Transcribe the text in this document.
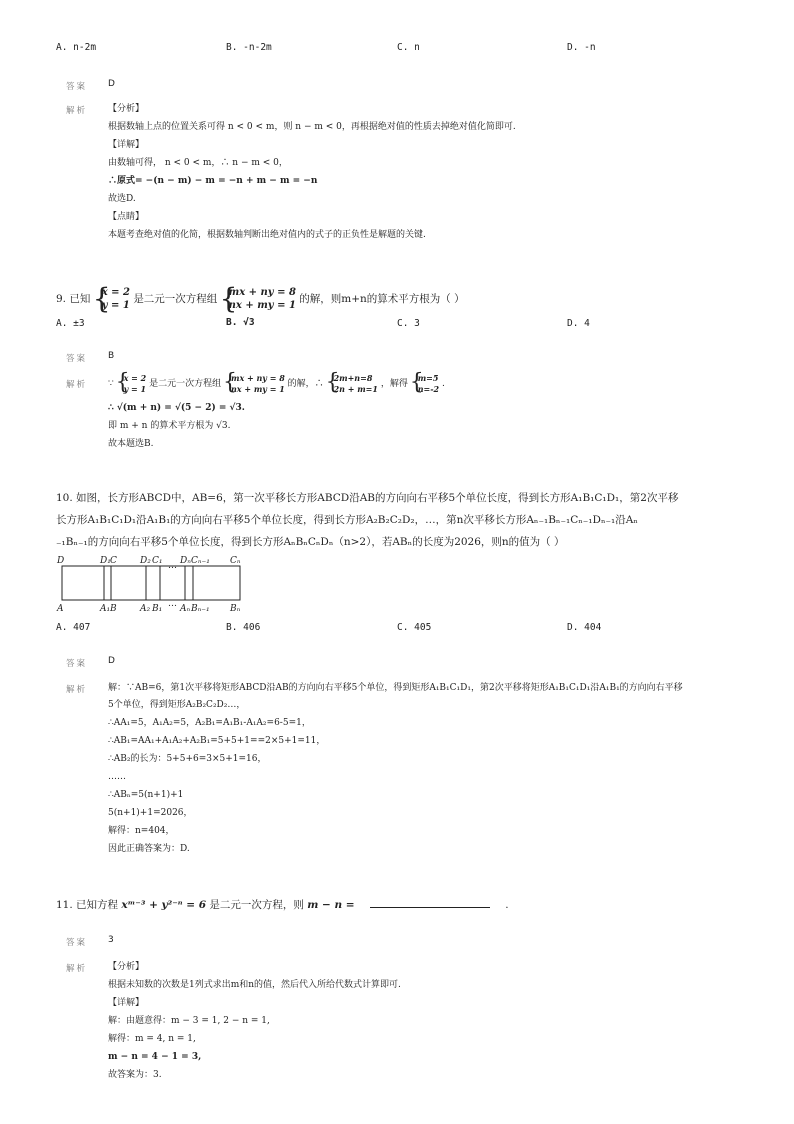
A. n-2m	B. -n-2m	C. n	D. -n
答案 D
解析 【分析】
根据数轴上点的位置关系可得 n < 0 < m，则 n − m < 0，再根据绝对值的性质去掉绝对值化简即可.
【详解】
由数轴可得， n < 0 < m，∴ n − m < 0，
∴原式= −(n − m) − m = −n + m − m = −n
故选D.
【点睛】
本题考查绝对值的化简，根据数轴判断出绝对值内的式子的正负性是解题的关键.
9. 已知
{ x = 2
y = 1
是二元一次方程组
{ mx + ny = 8
nx + my = 1
的解，则m+n的算术平方根为（ ）
A. ±3	B. √3	C. 3	D. 4
答案 B
解析 ∵
{ x = 2
y = 1 是二元一次方程组
{ mx + ny = 8
nx + my = 1 的解，∴
{ 2m+n=8
2n + m=1 ，解得
{ m=5
n=-2 .
∴ √(m + n) = √(5 − 2) = √3.
即 m + n 的算术平方根为 √3.
故本题选B.
10. 如图，长方形ABCD中，AB=6，第一次平移长方形ABCD沿AB的方向向右平移5个单位长度，得到长方形A₁B₁C₁D₁，第2次平移
长方形A₁B₁C₁D₁沿A₁B₁的方向向右平移5个单位长度，得到长方形A₂B₂C₂D₂，…，第n次平移长方形Aₙ₋₁Bₙ₋₁Cₙ₋₁Dₙ₋₁沿Aₙ
₋₁Bₙ₋₁的方向向右平移5个单位长度，得到长方形AₙBₙCₙDₙ（n>2），若ABₙ的长度为2026，则n的值为（ ）
D	D₁ C	D₂ C₁ … Dₙ Cₙ₋₁ Cₙ
A	A₁ B	A₂ B₁ … Aₙ Bₙ₋₁ Bₙ
A. 407	B. 406	C. 405	D. 404
答案 D
解析 解：∵AB=6，第1次平移将矩形ABCD沿AB的方向向右平移5个单位，得到矩形A₁B₁C₁D₁，第2次平移将矩形A₁B₁C₁D₁沿A₁B₁的方向向右平移
5个单位，得到矩形A₂B₂C₂D₂…，
∴AA₁=5，A₁A₂=5，A₂B₁=A₁B₁-A₁A₂=6-5=1，
∴AB₁=AA₁+A₁A₂+A₂B₁=5+5+1==2×5+1=11，
∴AB₂的长为：5+5+6=3×5+1=16，
……
∴ABₙ=5(n+1)+1
5(n+1)+1=2026，
解得：n=404，
因此正确答案为：D.
11. 已知方程 xᵐ⁻³ + y²⁻ⁿ = 6 是二元一次方程，则 m − n =	.
答案 3
解析 【分析】
根据未知数的次数是1列式求出m和n的值，然后代入所给代数式计算即可.
【详解】
解：由题意得：m − 3 = 1, 2 − n = 1,
解得：m = 4, n = 1,
m − n = 4 − 1 = 3,
故答案为：3.
